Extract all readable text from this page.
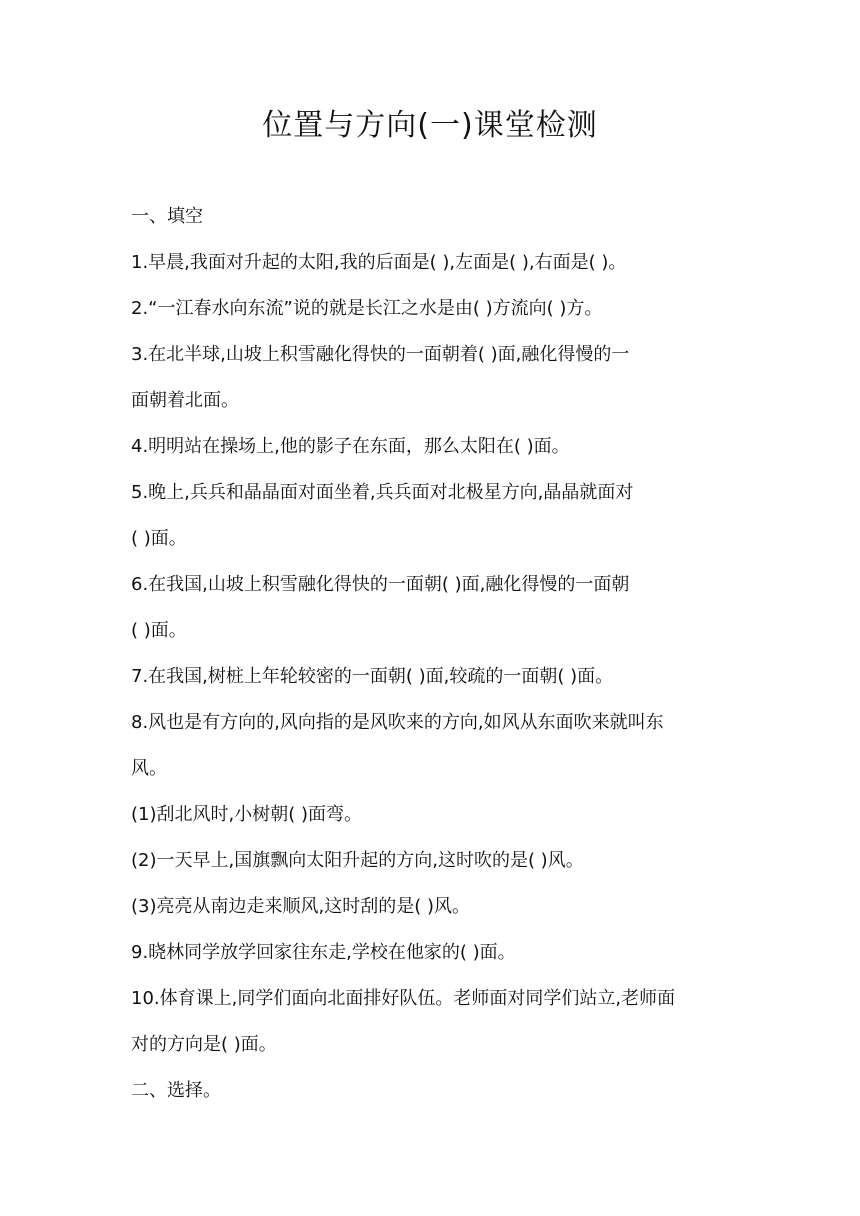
位置与方向(一)课堂检测
一、填空
1.早晨,我面对升起的太阳,我的后面是( ),左面是( ),右面是( )。
2.“一江春水向东流”说的就是长江之水是由( )方流向( )方。
3.在北半球,山坡上积雪融化得快的一面朝着( )面,融化得慢的一
面朝着北面。
4.明明站在操场上,他的影子在东面，那么太阳在( )面。
5.晚上,兵兵和晶晶面对面坐着,兵兵面对北极星方向,晶晶就面对
( )面。
6.在我国,山坡上积雪融化得快的一面朝( )面,融化得慢的一面朝
( )面。
7.在我国,树桩上年轮较密的一面朝( )面,较疏的一面朝( )面。
8.风也是有方向的,风向指的是风吹来的方向,如风从东面吹来就叫东
风。
(1)刮北风时,小树朝( )面弯。
(2)一天早上,国旗飘向太阳升起的方向,这时吹的是( )风。
(3)亮亮从南边走来顺风,这时刮的是( )风。
9.晓林同学放学回家往东走,学校在他家的( )面。
10.体育课上,同学们面向北面排好队伍。老师面对同学们站立,老师面
对的方向是( )面。
二、选择。
